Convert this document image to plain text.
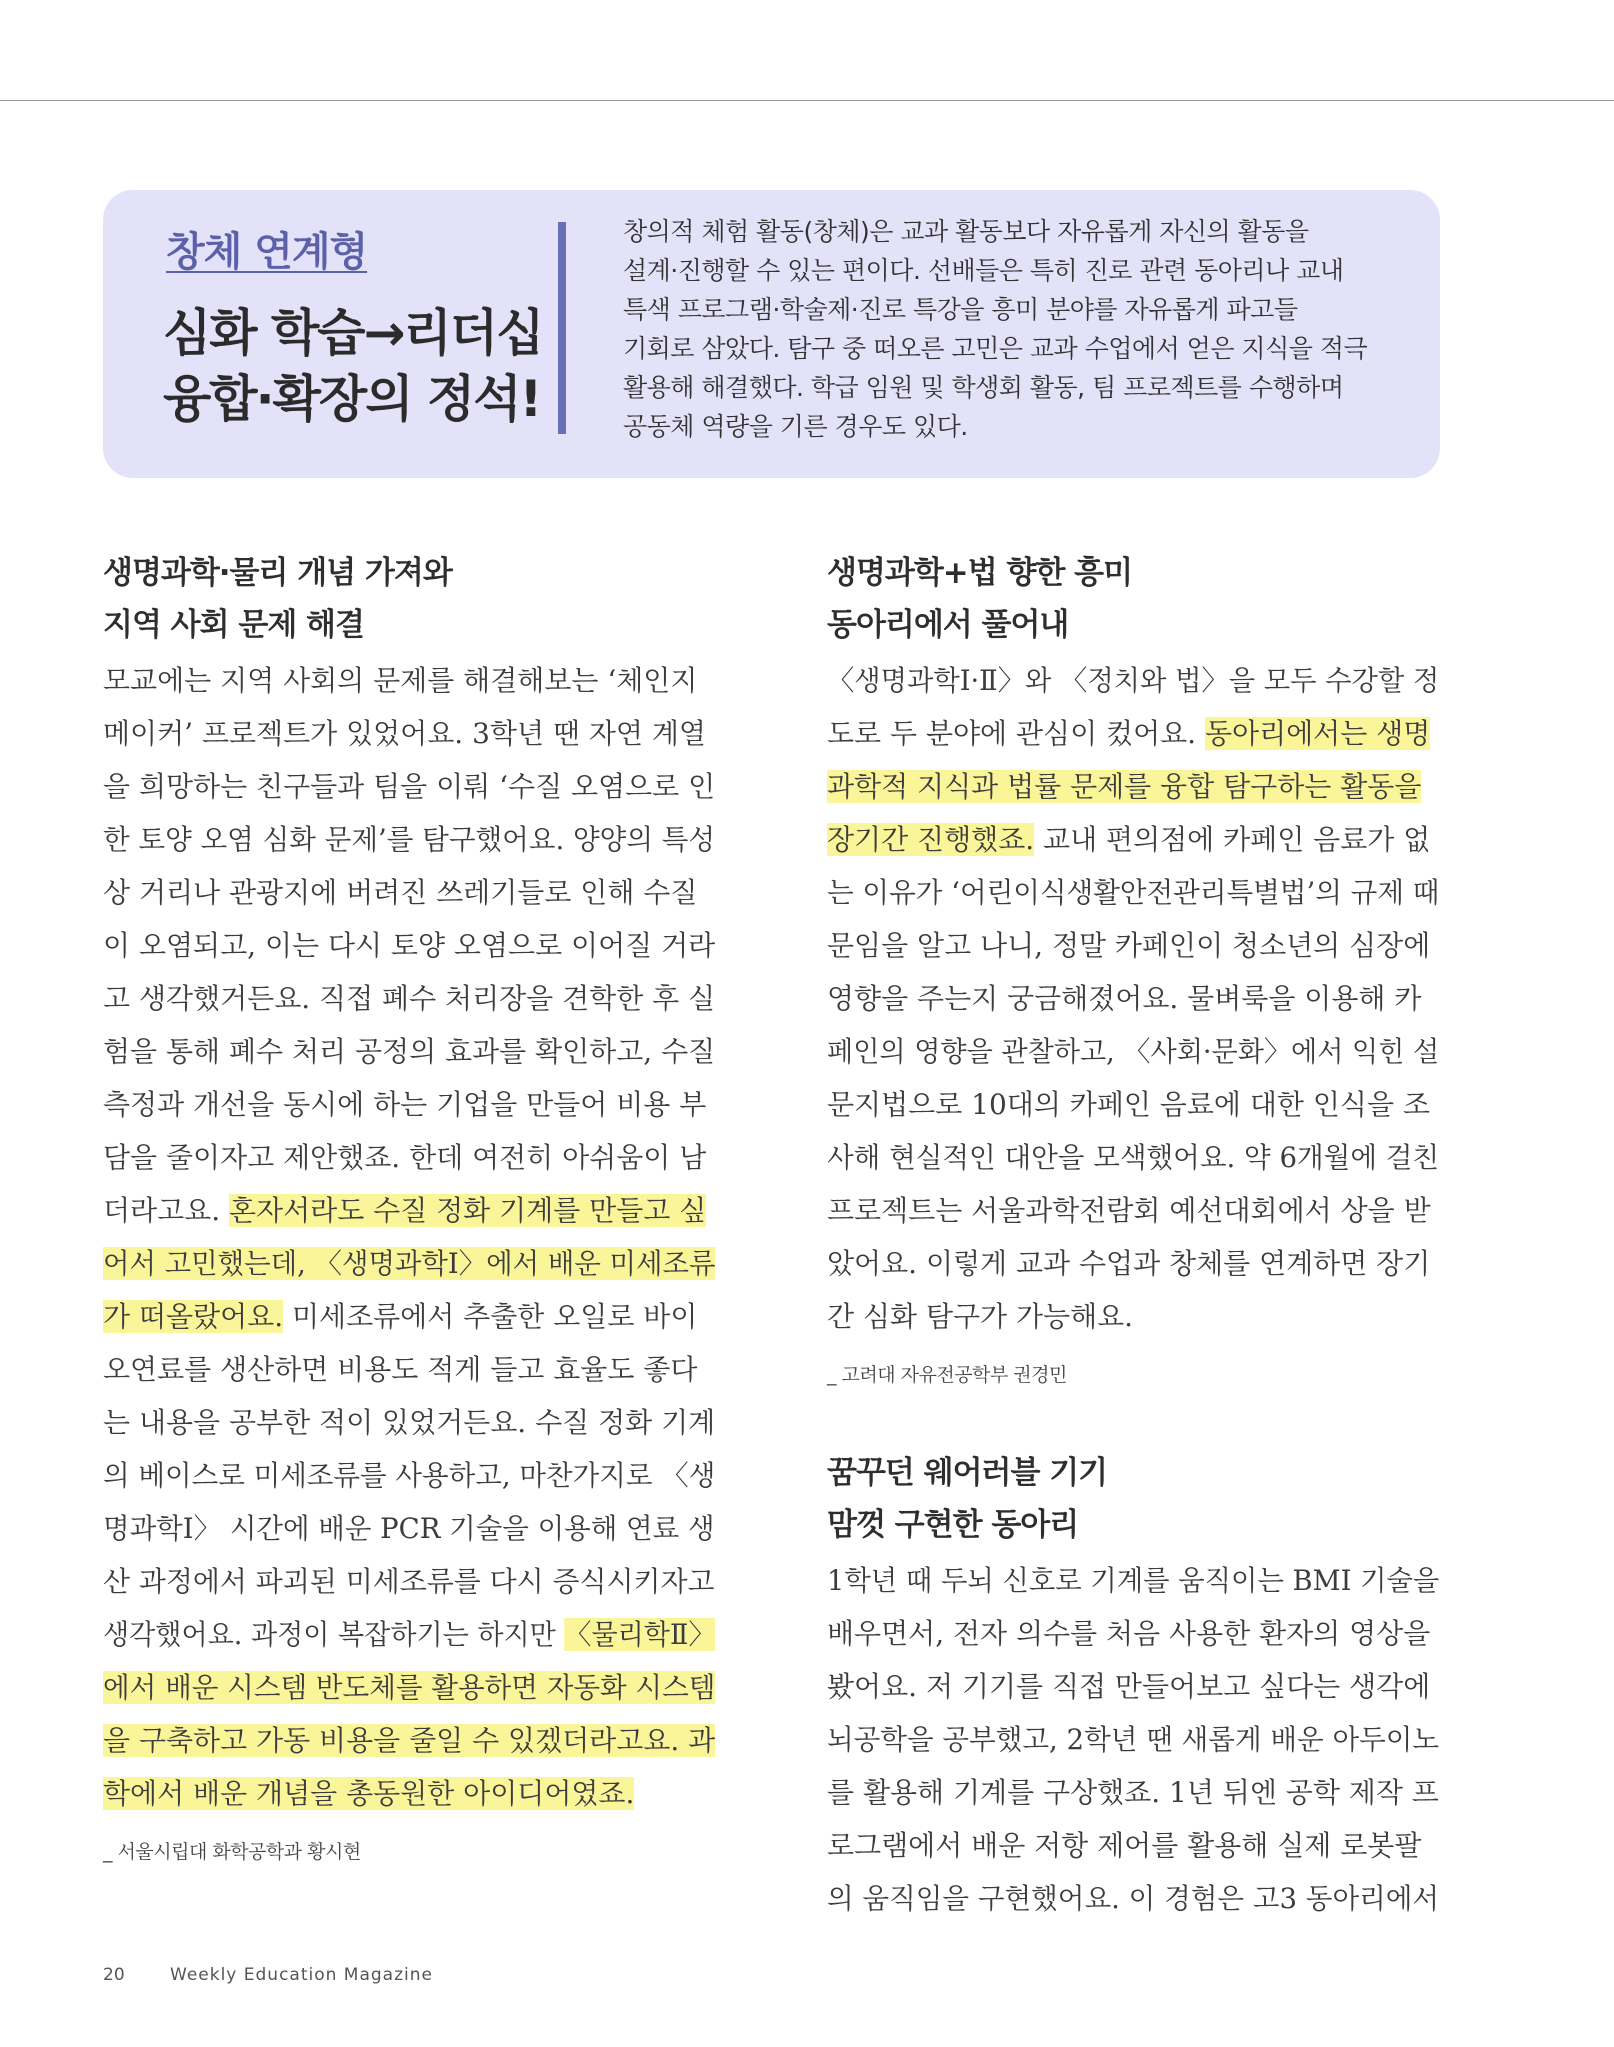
창체 연계형
심화 학습→리더십
융합·확장의 정석!
창의적 체험 활동(창체)은 교과 활동보다 자유롭게 자신의 활동을
설계·진행할 수 있는 편이다. 선배들은 특히 진로 관련 동아리나 교내
특색 프로그램·학술제·진로 특강을 흥미 분야를 자유롭게 파고들
기회로 삼았다. 탐구 중 떠오른 고민은 교과 수업에서 얻은 지식을 적극
활용해 해결했다. 학급 임원 및 학생회 활동, 팀 프로젝트를 수행하며
공동체 역량을 기른 경우도 있다.
생명과학·물리 개념 가져와
지역 사회 문제 해결
모교에는 지역 사회의 문제를 해결해보는 ‘체인지
메이커’ 프로젝트가 있었어요. 3학년 땐 자연 계열
을 희망하는 친구들과 팀을 이뤄 ‘수질 오염으로 인
한 토양 오염 심화 문제’를 탐구했어요. 양양의 특성
상 거리나 관광지에 버려진 쓰레기들로 인해 수질
이 오염되고, 이는 다시 토양 오염으로 이어질 거라
고 생각했거든요. 직접 폐수 처리장을 견학한 후 실
험을 통해 폐수 처리 공정의 효과를 확인하고, 수질
측정과 개선을 동시에 하는 기업을 만들어 비용 부
담을 줄이자고 제안했죠. 한데 여전히 아쉬움이 남
더라고요. 혼자서라도 수질 정화 기계를 만들고 싶
어서 고민했는데, 〈생명과학Ⅰ〉에서 배운 미세조류
가 떠올랐어요. 미세조류에서 추출한 오일로 바이
오연료를 생산하면 비용도 적게 들고 효율도 좋다
는 내용을 공부한 적이 있었거든요. 수질 정화 기계
의 베이스로 미세조류를 사용하고, 마찬가지로 〈생
명과학Ⅰ〉 시간에 배운 PCR 기술을 이용해 연료 생
산 과정에서 파괴된 미세조류를 다시 증식시키자고
생각했어요. 과정이 복잡하기는 하지만 〈물리학Ⅱ〉
에서 배운 시스템 반도체를 활용하면 자동화 시스템
을 구축하고 가동 비용을 줄일 수 있겠더라고요. 과
학에서 배운 개념을 총동원한 아이디어였죠.
_ 서울시립대 화학공학과 황시현
생명과학+법 향한 흥미
동아리에서 풀어내
〈생명과학Ⅰ·Ⅱ〉와 〈정치와 법〉을 모두 수강할 정
도로 두 분야에 관심이 컸어요. 동아리에서는 생명
과학적 지식과 법률 문제를 융합 탐구하는 활동을
장기간 진행했죠. 교내 편의점에 카페인 음료가 없
는 이유가 ‘어린이식생활안전관리특별법’의 규제 때
문임을 알고 나니, 정말 카페인이 청소년의 심장에
영향을 주는지 궁금해졌어요. 물벼룩을 이용해 카
페인의 영향을 관찰하고, 〈사회·문화〉에서 익힌 설
문지법으로 10대의 카페인 음료에 대한 인식을 조
사해 현실적인 대안을 모색했어요. 약 6개월에 걸친
프로젝트는 서울과학전람회 예선대회에서 상을 받
았어요. 이렇게 교과 수업과 창체를 연계하면 장기
간 심화 탐구가 가능해요.
_ 고려대 자유전공학부 권경민
꿈꾸던 웨어러블 기기
맘껏 구현한 동아리
1학년 때 두뇌 신호로 기계를 움직이는 BMI 기술을
배우면서, 전자 의수를 처음 사용한 환자의 영상을
봤어요. 저 기기를 직접 만들어보고 싶다는 생각에
뇌공학을 공부했고, 2학년 땐 새롭게 배운 아두이노
를 활용해 기계를 구상했죠. 1년 뒤엔 공학 제작 프
로그램에서 배운 저항 제어를 활용해 실제 로봇팔
의 움직임을 구현했어요. 이 경험은 고3 동아리에서
20	Weekly Education Magazine
